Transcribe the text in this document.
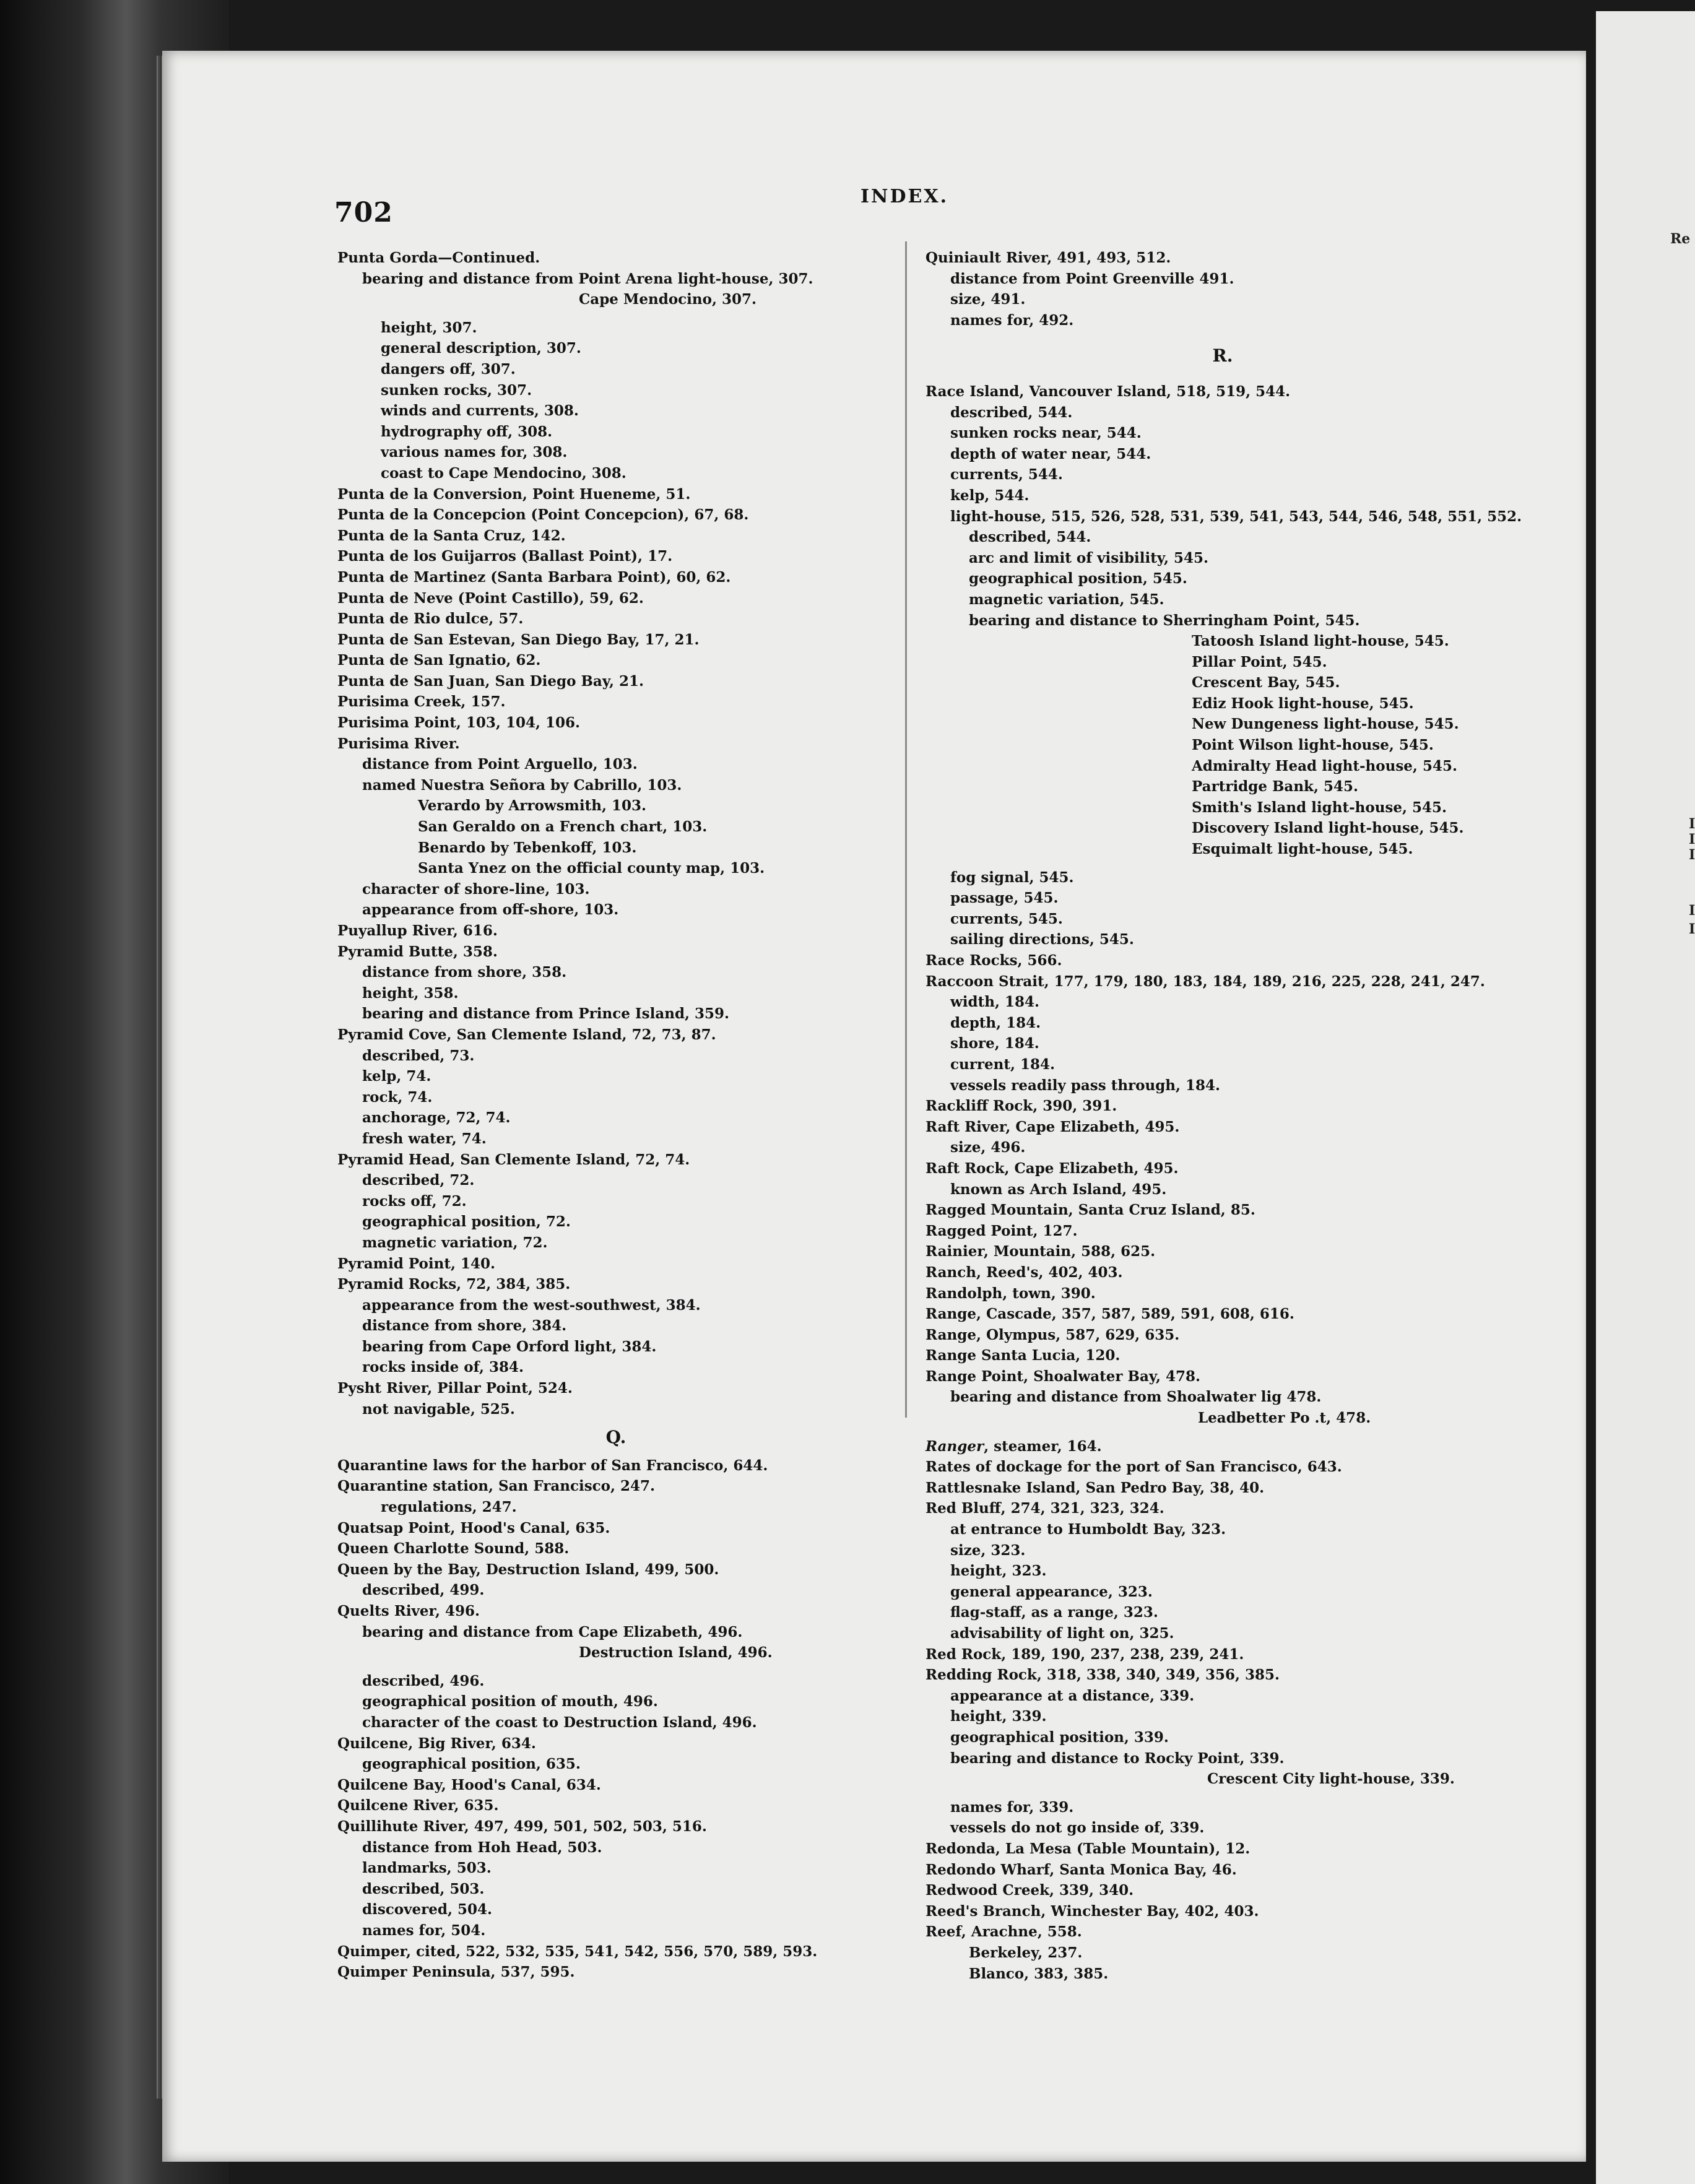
Re
I
I
I
I
I
702
INDEX.
Punta Gorda—Continued.
bearing and distance from Point Arena light-house, 307.
Cape Mendocino, 307.
height, 307.
general description, 307.
dangers off, 307.
sunken rocks, 307.
winds and currents, 308.
hydrography off, 308.
various names for, 308.
coast to Cape Mendocino, 308.
Punta de la Conversion, Point Hueneme, 51.
Punta de la Concepcion (Point Concepcion), 67, 68.
Punta de la Santa Cruz, 142.
Punta de los Guijarros (Ballast Point), 17.
Punta de Martinez (Santa Barbara Point), 60, 62.
Punta de Neve (Point Castillo), 59, 62.
Punta de Rio dulce, 57.
Punta de San Estevan, San Diego Bay, 17, 21.
Punta de San Ignatio, 62.
Punta de San Juan, San Diego Bay, 21.
Purisima Creek, 157.
Purisima Point, 103, 104, 106.
Purisima River.
distance from Point Arguello, 103.
named Nuestra Señora by Cabrillo, 103.
Verardo by Arrowsmith, 103.
San Geraldo on a French chart, 103.
Benardo by Tebenkoff, 103.
Santa Ynez on the official county map, 103.
character of shore-line, 103.
appearance from off-shore, 103.
Puyallup River, 616.
Pyramid Butte, 358.
distance from shore, 358.
height, 358.
bearing and distance from Prince Island, 359.
Pyramid Cove, San Clemente Island, 72, 73, 87.
described, 73.
kelp, 74.
rock, 74.
anchorage, 72, 74.
fresh water, 74.
Pyramid Head, San Clemente Island, 72, 74.
described, 72.
rocks off, 72.
geographical position, 72.
magnetic variation, 72.
Pyramid Point, 140.
Pyramid Rocks, 72, 384, 385.
appearance from the west-southwest, 384.
distance from shore, 384.
bearing from Cape Orford light, 384.
rocks inside of, 384.
Pysht River, Pillar Point, 524.
not navigable, 525.
Q.
Quarantine laws for the harbor of San Francisco, 644.
Quarantine station, San Francisco, 247.
regulations, 247.
Quatsap Point, Hood's Canal, 635.
Queen Charlotte Sound, 588.
Queen by the Bay, Destruction Island, 499, 500.
described, 499.
Quelts River, 496.
bearing and distance from Cape Elizabeth, 496.
Destruction Island, 496.
described, 496.
geographical position of mouth, 496.
character of the coast to Destruction Island, 496.
Quilcene, Big River, 634.
geographical position, 635.
Quilcene Bay, Hood's Canal, 634.
Quilcene River, 635.
Quillihute River, 497, 499, 501, 502, 503, 516.
distance from Hoh Head, 503.
landmarks, 503.
described, 503.
discovered, 504.
names for, 504.
Quimper, cited, 522, 532, 535, 541, 542, 556, 570, 589, 593.
Quimper Peninsula, 537, 595.
Quiniault River, 491, 493, 512.
distance from Point Greenville 491.
size, 491.
names for, 492.
R.
Race Island, Vancouver Island, 518, 519, 544.
described, 544.
sunken rocks near, 544.
depth of water near, 544.
currents, 544.
kelp, 544.
light-house, 515, 526, 528, 531, 539, 541, 543, 544, 546, 548, 551, 552.
described, 544.
arc and limit of visibility, 545.
geographical position, 545.
magnetic variation, 545.
bearing and distance to Sherringham Point, 545.
Tatoosh Island light-house, 545.
Pillar Point, 545.
Crescent Bay, 545.
Ediz Hook light-house, 545.
New Dungeness light-house, 545.
Point Wilson light-house, 545.
Admiralty Head light-house, 545.
Partridge Bank, 545.
Smith's Island light-house, 545.
Discovery Island light-house, 545.
Esquimalt light-house, 545.
fog signal, 545.
passage, 545.
currents, 545.
sailing directions, 545.
Race Rocks, 566.
Raccoon Strait, 177, 179, 180, 183, 184, 189, 216, 225, 228, 241, 247.
width, 184.
depth, 184.
shore, 184.
current, 184.
vessels readily pass through, 184.
Rackliff Rock, 390, 391.
Raft River, Cape Elizabeth, 495.
size, 496.
Raft Rock, Cape Elizabeth, 495.
known as Arch Island, 495.
Ragged Mountain, Santa Cruz Island, 85.
Ragged Point, 127.
Rainier, Mountain, 588, 625.
Ranch, Reed's, 402, 403.
Randolph, town, 390.
Range, Cascade, 357, 587, 589, 591, 608, 616.
Range, Olympus, 587, 629, 635.
Range Santa Lucia, 120.
Range Point, Shoalwater Bay, 478.
bearing and distance from Shoalwater lig 478.
Leadbetter Po .t, 478.
Ranger, steamer, 164.
Rates of dockage for the port of San Francisco, 643.
Rattlesnake Island, San Pedro Bay, 38, 40.
Red Bluff, 274, 321, 323, 324.
at entrance to Humboldt Bay, 323.
size, 323.
height, 323.
general appearance, 323.
flag-staff, as a range, 323.
advisability of light on, 325.
Red Rock, 189, 190, 237, 238, 239, 241.
Redding Rock, 318, 338, 340, 349, 356, 385.
appearance at a distance, 339.
height, 339.
geographical position, 339.
bearing and distance to Rocky Point, 339.
Crescent City light-house, 339.
names for, 339.
vessels do not go inside of, 339.
Redonda, La Mesa (Table Mountain), 12.
Redondo Wharf, Santa Monica Bay, 46.
Redwood Creek, 339, 340.
Reed's Branch, Winchester Bay, 402, 403.
Reef, Arachne, 558.
Berkeley, 237.
Blanco, 383, 385.
